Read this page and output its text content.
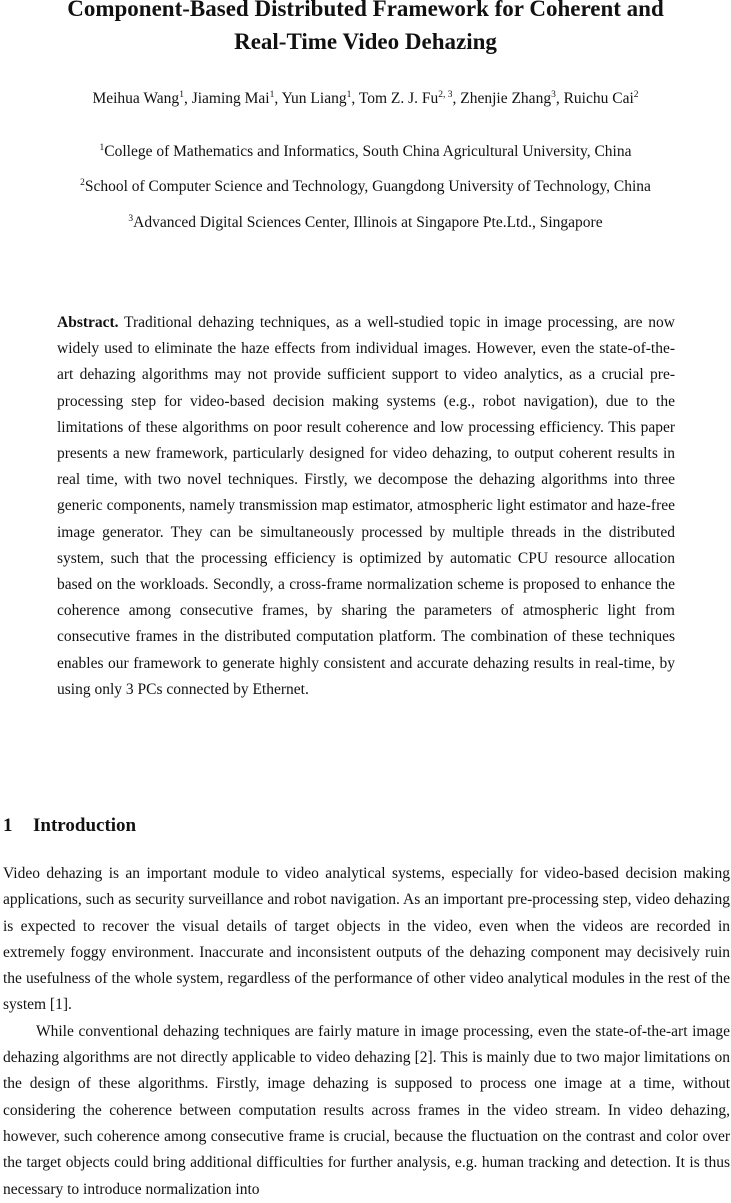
Component-Based Distributed Framework for Coherent and
Real-Time Video Dehazing
Meihua Wang$^1$, Jiaming Mai$^1$, Yun Liang$^1$, Tom Z. J. Fu$^{2, 3}$, Zhenjie Zhang$^3$, Ruichu Cai$^2$
$^1$College of Mathematics and Informatics, South China Agricultural University, China
$^2$School of Computer Science and Technology, Guangdong University of Technology, China
$^3$Advanced Digital Sciences Center, Illinois at Singapore Pte.Ltd., Singapore
Abstract. Traditional dehazing techniques, as a well-studied topic in image processing, are now widely used to eliminate the haze effects from individual images. However, even the state-of-the-art dehazing algorithms may not provide sufficient support to video analytics, as a crucial pre-processing step for video-based decision making systems (e.g., robot navigation), due to the limitations of these algorithms on poor result coherence and low processing efficiency. This paper presents a new framework, particularly designed for video dehazing, to output coherent results in real time, with two novel techniques. Firstly, we decompose the dehazing algorithms into three generic components, namely transmission map estimator, atmospheric light estimator and haze-free image generator. They can be simultaneously processed by multiple threads in the distributed system, such that the processing efficiency is optimized by automatic CPU resource allocation based on the workloads. Secondly, a cross-frame normalization scheme is proposed to enhance the coherence among consecutive frames, by sharing the parameters of atmospheric light from consecutive frames in the distributed computation platform. The combination of these techniques enables our framework to generate highly consistent and accurate dehazing results in real-time, by using only 3 PCs connected by Ethernet.
1 Introduction

Video dehazing is an important module to video analytical systems, especially for video-based decision making applications, such as security surveillance and robot navigation. As an important pre-processing step, video dehazing is expected to recover the visual details of target objects in the video, even when the videos are recorded in extremely foggy environment. Inaccurate and inconsistent outputs of the dehazing component may decisively ruin the usefulness of the whole system, regardless of the performance of other video analytical modules in the rest of the system [1].

While conventional dehazing techniques are fairly mature in image processing, even the state-of-the-art image dehazing algorithms are not directly applicable to video dehazing [2]. This is mainly due to two major limitations on the design of these algorithms. Firstly, image dehazing is supposed to process one image at a time, without considering the coherence between computation results across frames in the video stream. In video dehazing, however, such coherence among consecutive frame is crucial, because the fluctuation on the contrast and color over the target objects could bring additional difficulties for further analysis, e.g. human tracking and detection. It is thus necessary to introduce normalization into
